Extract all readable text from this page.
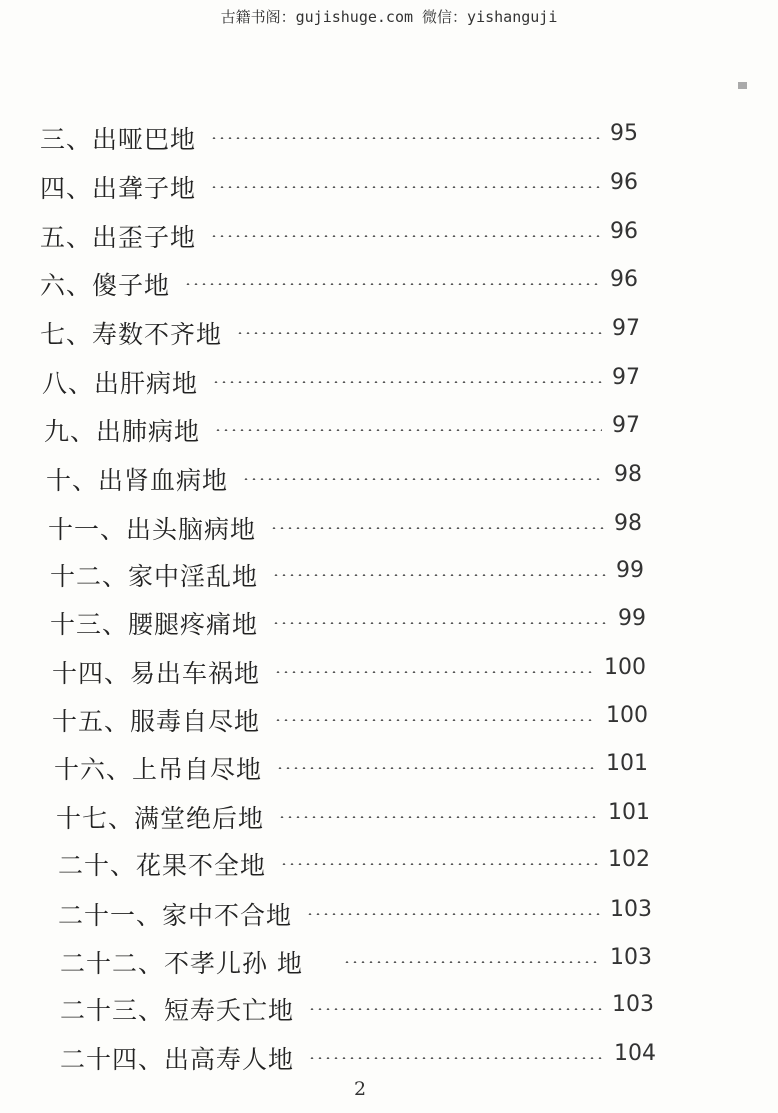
古籍书阁：gujishuge.com 微信：yishanguji
三、出哑巴地	95
四、出聋子地	96
五、出歪子地	96
六、傻子地	96
七、寿数不齐地	97
八、出肝病地	97
九、出肺病地	97
十、出肾血病地	98
十一、出头脑病地	98
十二、家中淫乱地	99
十三、腰腿疼痛地	99
十四、易出车祸地	100
十五、服毒自尽地	100
十六、上吊自尽地	101
十七、满堂绝后地	101
二十、花果不全地	102
二十一、家中不合地	103
二十二、不孝儿孙 地	103
二十三、短寿夭亡地	103
二十四、出高寿人地	104
2
